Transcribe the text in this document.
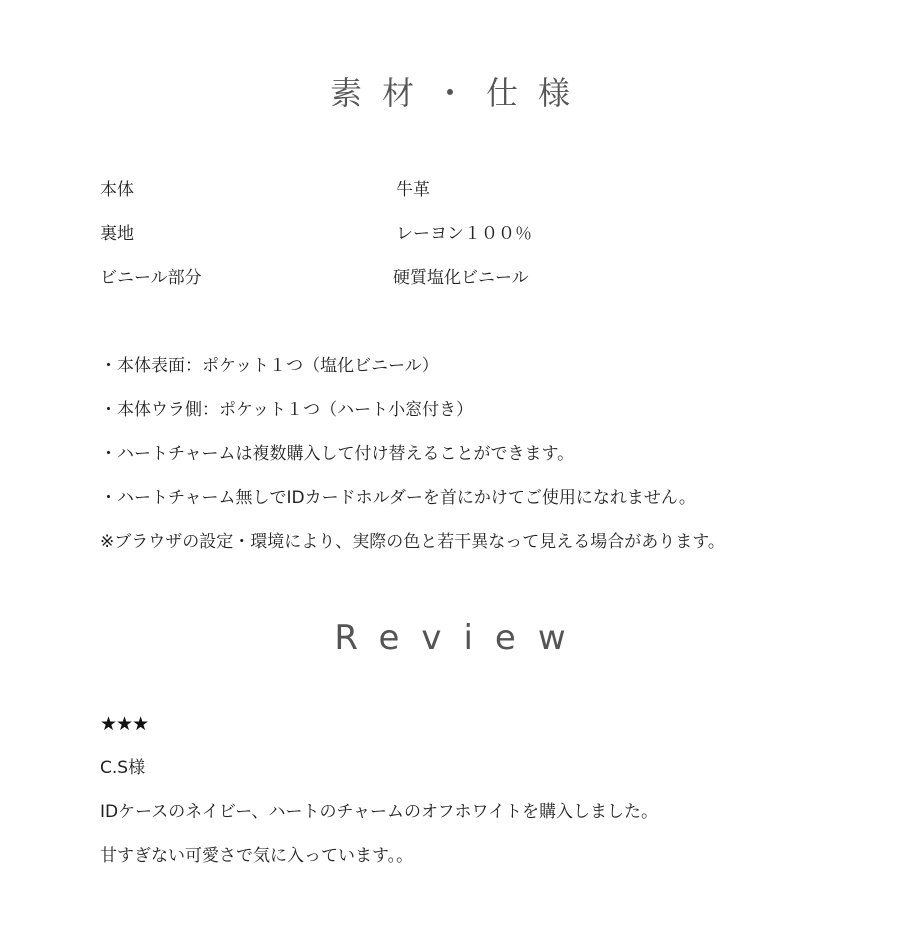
素材・仕様
本体	牛革
裏地	レーヨン１００％
ビニール部分	硬質塩化ビニール
・本体表面：ポケット１つ（塩化ビニール）
・本体ウラ側：ポケット１つ（ハート小窓付き）
・ハートチャームは複数購入して付け替えることができます。
・ハートチャーム無しでIDカードホルダーを首にかけてご使用になれません。
※ブラウザの設定・環境により、実際の色と若干異なって見える場合があります。
Review
★★★
C.S様
IDケースのネイビー、ハートのチャームのオフホワイトを購入しました。
甘すぎない可愛さで気に入っています。。
